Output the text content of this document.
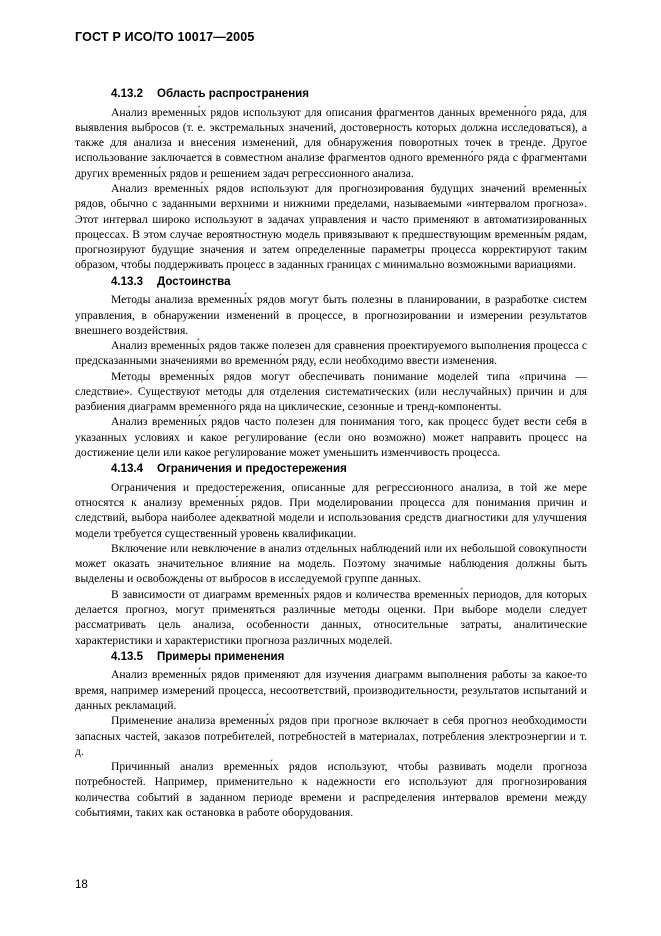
ГОСТ Р ИСО/ТО 10017—2005
4.13.2 Область распространения

Анализ временны́х рядов используют для описания фрагментов данных временно́го ряда, для выявления выбросов (т. е. экстремальных значений, достоверность которых должна исследоваться), а также для анализа и внесения изменений, для обнаружения поворотных точек в тренде. Другое использование заключается в совместном анализе фрагментов одного временно́го ряда с фрагментами других временны́х рядов и решением задач регрессионного анализа.

Анализ временны́х рядов используют для прогнозирования будущих значений временны́х рядов, обычно с заданными верхними и нижними пределами, называемыми «интервалом прогноза». Этот интервал широко используют в задачах управления и часто применяют в автоматизированных процессах. В этом случае вероятностную модель привязывают к предшествующим временны́м рядам, прогнозируют будущие значения и затем определенные параметры процесса корректируют таким образом, чтобы поддерживать процесс в заданных границах с минимально возможными вариациями.

4.13.3 Достоинства

Методы анализа временны́х рядов могут быть полезны в планировании, в разработке систем управления, в обнаружении изменений в процессе, в прогнозировании и измерении результатов внешнего воздействия.

Анализ временны́х рядов также полезен для сравнения проектируемого выполнения процесса с предсказанными значениями во временно́м ряду, если необходимо ввести изменения.

Методы временны́х рядов могут обеспечивать понимание моделей типа «причина — следствие». Существуют методы для отделения систематических (или неслучайных) причин и для разбиения диаграмм временно́го ряда на циклические, сезонные и тренд-компоненты.

Анализ временны́х рядов часто полезен для понимания того, как процесс будет вести себя в указанных условиях и какое регулирование (если оно возможно) может направить процесс на достижение цели или какое регулирование может уменьшить изменчивость процесса.

4.13.4 Ограничения и предостережения

Ограничения и предостережения, описанные для регрессионного анализа, в той же мере относятся к анализу временны́х рядов. При моделировании процесса для понимания причин и следствий, выбора наиболее адекватной модели и использования средств диагностики для улучшения модели требуется существенный уровень квалификации.

Включение или невключение в анализ отдельных наблюдений или их небольшой совокупности может оказать значительное влияние на модель. Поэтому значимые наблюдения должны быть выделены и освобождены от выбросов в исследуемой группе данных.

В зависимости от диаграмм временны́х рядов и количества временны́х периодов, для которых делается прогноз, могут применяться различные методы оценки. При выборе модели следует рассматривать цель анализа, особенности данных, относительные затраты, аналитические характеристики и характеристики прогноза различных моделей.

4.13.5 Примеры применения

Анализ временны́х рядов применяют для изучения диаграмм выполнения работы за какое-то время, например измерений процесса, несоответствий, производительности, результатов испытаний и данных рекламаций.

Применение анализа временны́х рядов при прогнозе включает в себя прогноз необходимости запасных частей, заказов потребителей, потребностей в материалах, потребления электроэнергии и т. д.

Причинный анализ временны́х рядов используют, чтобы развивать модели прогноза потребностей. Например, применительно к надежности его используют для прогнозирования количества событий в заданном периоде времени и распределения интервалов времени между событиями, таких как остановка в работе оборудования.

18
